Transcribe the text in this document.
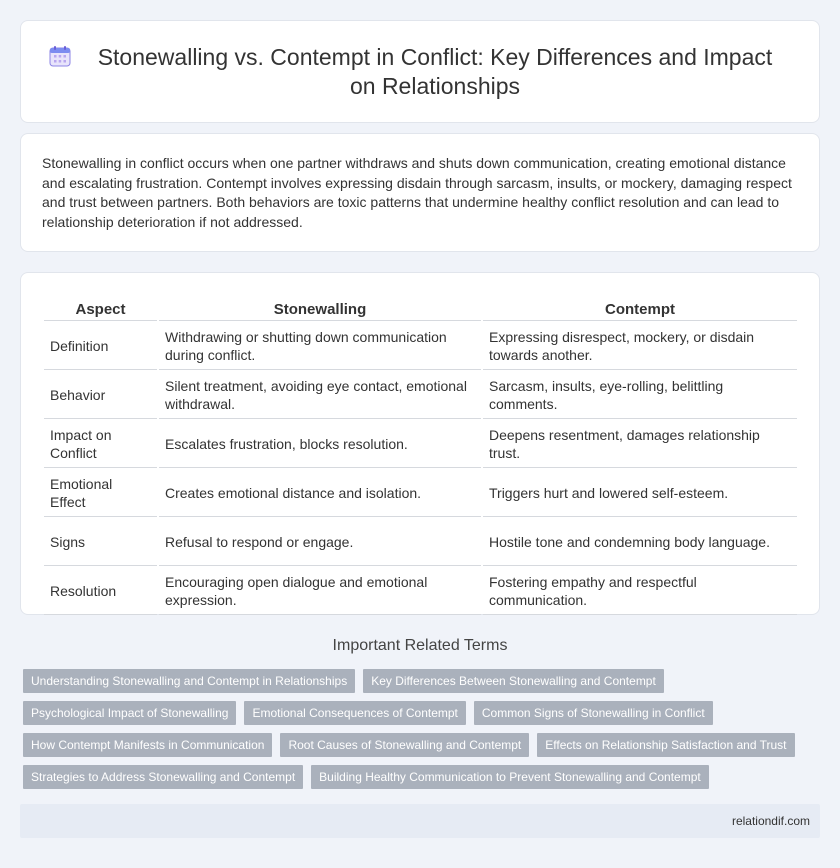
Stonewalling vs. Contempt in Conflict: Key Differences and Impact on Relationships

Stonewalling in conflict occurs when one partner withdraws and shuts down communication, creating emotional distance and escalating frustration. Contempt involves expressing disdain through sarcasm, insults, or mockery, damaging respect and trust between partners. Both behaviors are toxic patterns that undermine healthy conflict resolution and can lead to relationship deterioration if not addressed.

Aspect	Stonewalling	Contempt
Definition	Withdrawing or shutting down communication during conflict.	Expressing disrespect, mockery, or disdain towards another.
Behavior	Silent treatment, avoiding eye contact, emotional withdrawal.	Sarcasm, insults, eye-rolling, belittling comments.
Impact on Conflict	Escalates frustration, blocks resolution.	Deepens resentment, damages relationship trust.
Emotional Effect	Creates emotional distance and isolation.	Triggers hurt and lowered self-esteem.
Signs	Refusal to respond or engage.	Hostile tone and condemning body language.
Resolution	Encouraging open dialogue and emotional expression.	Fostering empathy and respectful communication.
Important Related Terms
Understanding Stonewalling and Contempt in Relationships	Key Differences Between Stonewalling and Contempt
Psychological Impact of Stonewalling	Emotional Consequences of Contempt	Common Signs of Stonewalling in Conflict
How Contempt Manifests in Communication	Root Causes of Stonewalling and Contempt	Effects on Relationship Satisfaction and Trust
Strategies to Address Stonewalling and Contempt	Building Healthy Communication to Prevent Stonewalling and Contempt
relationdif.com
